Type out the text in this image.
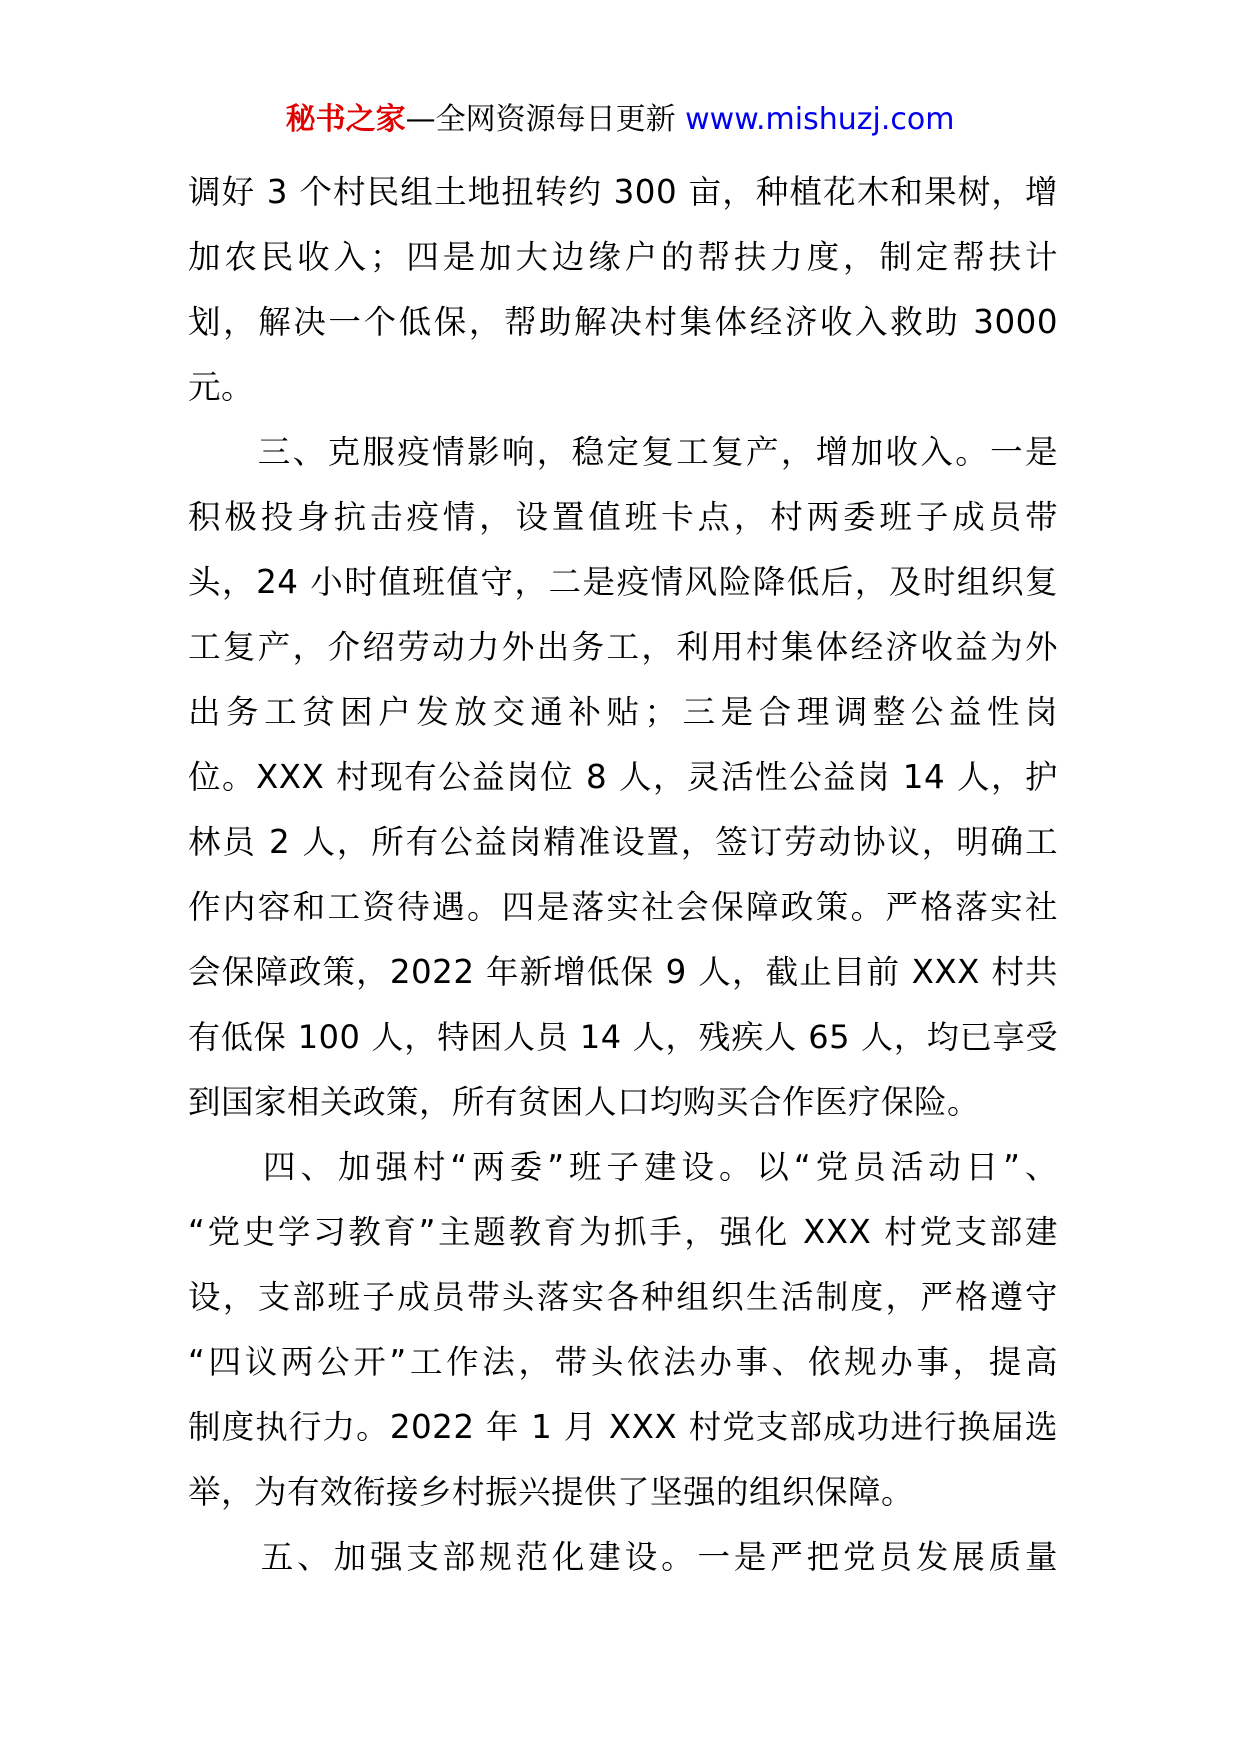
秘书之家—全网资源每日更新 www.mishuzj.com
调好 3 个村民组土地扭转约 300 亩，种植花木和果树，增
加农民收入；四是加大边缘户的帮扶力度，制定帮扶计
划，解决一个低保，帮助解决村集体经济收入救助 3000
元。
　　三、克服疫情影响，稳定复工复产，增加收入。一是
积极投身抗击疫情，设置值班卡点，村两委班子成员带
头，24 小时值班值守，二是疫情风险降低后，及时组织复
工复产，介绍劳动力外出务工，利用村集体经济收益为外
出务工贫困户发放交通补贴；三是合理调整公益性岗
位。XXX 村现有公益岗位 8 人，灵活性公益岗 14 人，护
林员 2 人，所有公益岗精准设置，签订劳动协议，明确工
作内容和工资待遇。四是落实社会保障政策。严格落实社
会保障政策，2022 年新增低保 9 人，截止目前 XXX 村共
有低保 100 人，特困人员 14 人，残疾人 65 人，均已享受
到国家相关政策，所有贫困人口均购买合作医疗保险。
　　四、加强村“两委”班子建设。以“党员活动日”、
“党史学习教育”主题教育为抓手，强化 XXX 村党支部建
设，支部班子成员带头落实各种组织生活制度，严格遵守
“四议两公开”工作法，带头依法办事、依规办事，提高
制度执行力。2022 年 1 月 XXX 村党支部成功进行换届选
举，为有效衔接乡村振兴提供了坚强的组织保障。
　　五、加强支部规范化建设。一是严把党员发展质量
